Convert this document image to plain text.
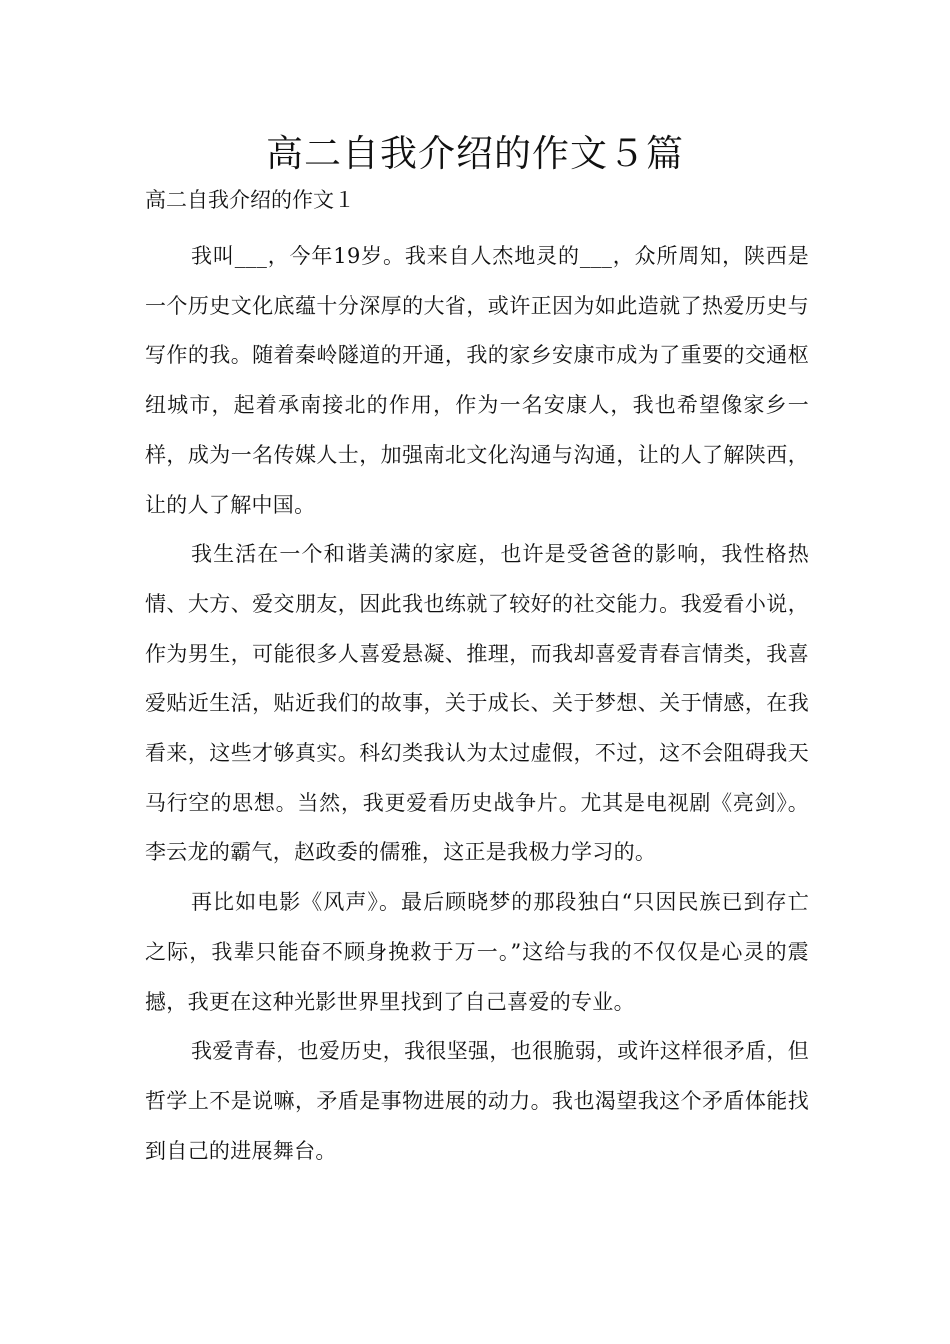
高二自我介绍的作文５篇

高二自我介绍的作文１

我叫___，今年19岁。我来自人杰地灵的___，众所周知，陕西是一个历史文化底蕴十分深厚的大省，或许正因为如此造就了热爱历史与写作的我。随着秦岭隧道的开通，我的家乡安康市成为了重要的交通枢纽城市，起着承南接北的作用，作为一名安康人，我也希望像家乡一样，成为一名传媒人士，加强南北文化沟通与沟通，让的人了解陕西，让的人了解中国。

我生活在一个和谐美满的家庭，也许是受爸爸的影响，我性格热情、大方、爱交朋友，因此我也练就了较好的社交能力。我爱看小说，作为男生，可能很多人喜爱悬凝、推理，而我却喜爱青春言情类，我喜爱贴近生活，贴近我们的故事，关于成长、关于梦想、关于情感，在我看来，这些才够真实。科幻类我认为太过虚假，不过，这不会阻碍我天马行空的思想。当然，我更爱看历史战争片。尤其是电视剧《亮剑》。李云龙的霸气，赵政委的儒雅，这正是我极力学习的。

再比如电影《风声》。最后顾晓梦的那段独白“只因民族已到存亡之际，我辈只能奋不顾身挽救于万一。”这给与我的不仅仅是心灵的震撼，我更在这种光影世界里找到了自己喜爱的专业。

我爱青春，也爱历史，我很坚强，也很脆弱，或许这样很矛盾，但哲学上不是说嘛，矛盾是事物进展的动力。我也渴望我这个矛盾体能找到自己的进展舞台。
